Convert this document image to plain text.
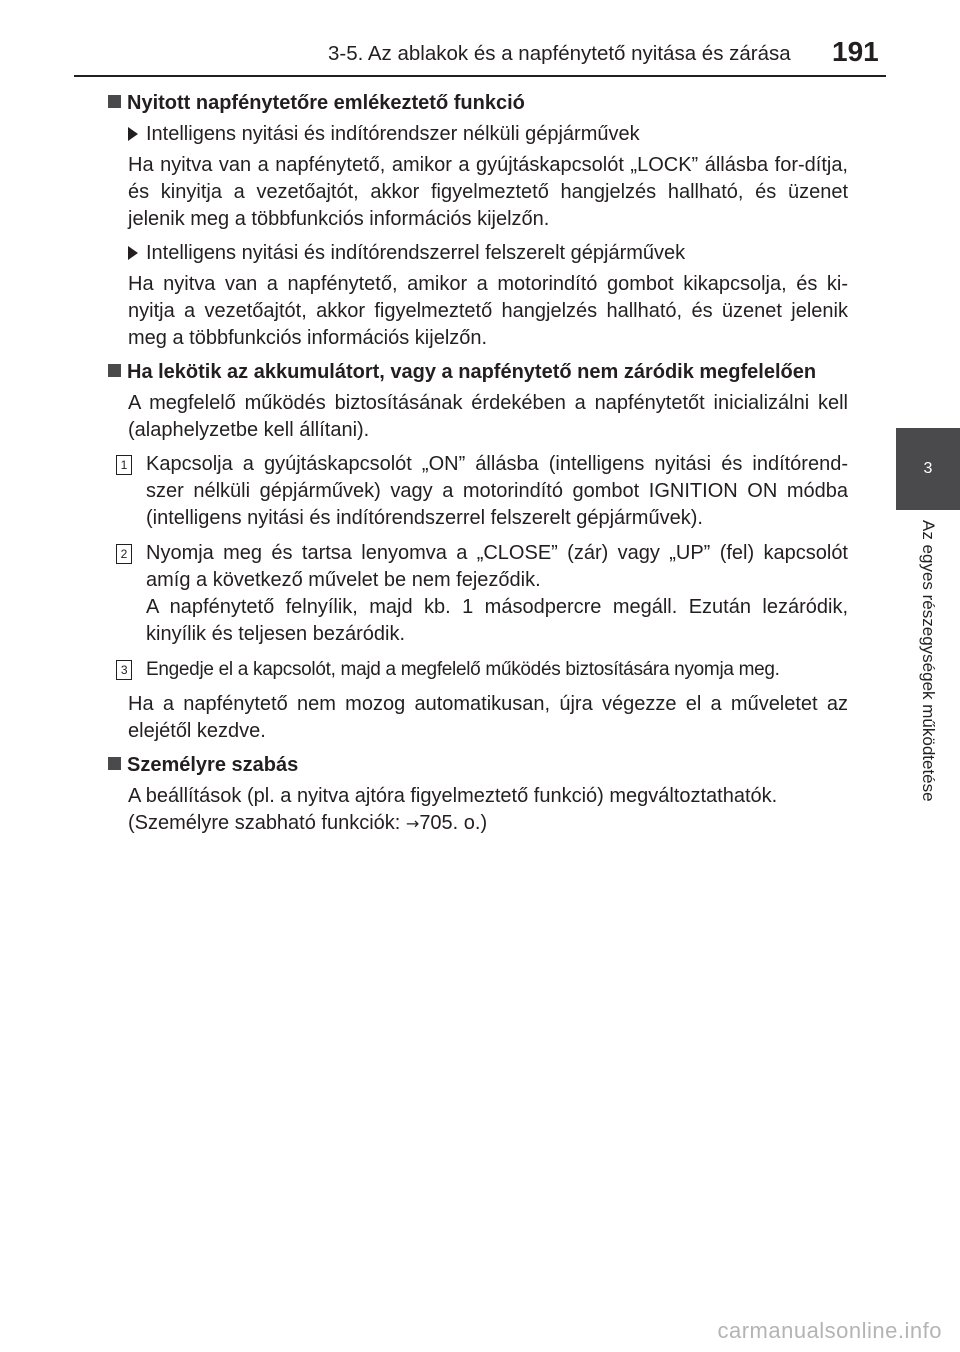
3-5. Az ablakok és a napfénytető nyitása és zárása 191
3
Az egyes részegységek működtetése
Nyitott napfénytetőre emlékeztető funkció
Intelligens nyitási és indítórendszer nélküli gépjárművek

Ha nyitva van a napfénytető, amikor a gyújtáskapcsolót „LOCK” állásba for-dítja, és kinyitja a vezetőajtót, akkor figyelmeztető hangjelzés hallható, és üzenet jelenik meg a többfunkciós információs kijelzőn.

Intelligens nyitási és indítórendszerrel felszerelt gépjárművek

Ha nyitva van a napfénytető, amikor a motorindító gombot kikapcsolja, és ki-nyitja a vezetőajtót, akkor figyelmeztető hangjelzés hallható, és üzenet jelenik meg a többfunkciós információs kijelzőn.

Ha lekötik az akkumulátort, vagy a napfénytető nem záródik megfelelően

A megfelelő működés biztosításának érdekében a napfénytetőt inicializálni kell (alaphelyzetbe kell állítani).

1 Kapcsolja a gyújtáskapcsolót „ON” állásba (intelligens nyitási és indítórend-szer nélküli gépjárművek) vagy a motorindító gombot IGNITION ON módba (intelligens nyitási és indítórendszerrel felszerelt gépjárművek).
2 Nyomja meg és tartsa lenyomva a „CLOSE” (zár) vagy „UP” (fel) kapcsolót amíg a következő művelet be nem fejeződik.
A napfénytető felnyílik, majd kb. 1 másodpercre megáll. Ezután lezáródik, kinyílik és teljesen bezáródik.
3 Engedje el a kapcsolót, majd a megfelelő működés biztosítására nyomja meg.

Ha a napfénytető nem mozog automatikusan, újra végezze el a műveletet az elejétől kezdve.

Személyre szabás

A beállítások (pl. a nyitva ajtóra figyelmeztető funkció) megváltoztathatók.
(Személyre szabható funkciók: →705. o.)

carmanualsonline.info
